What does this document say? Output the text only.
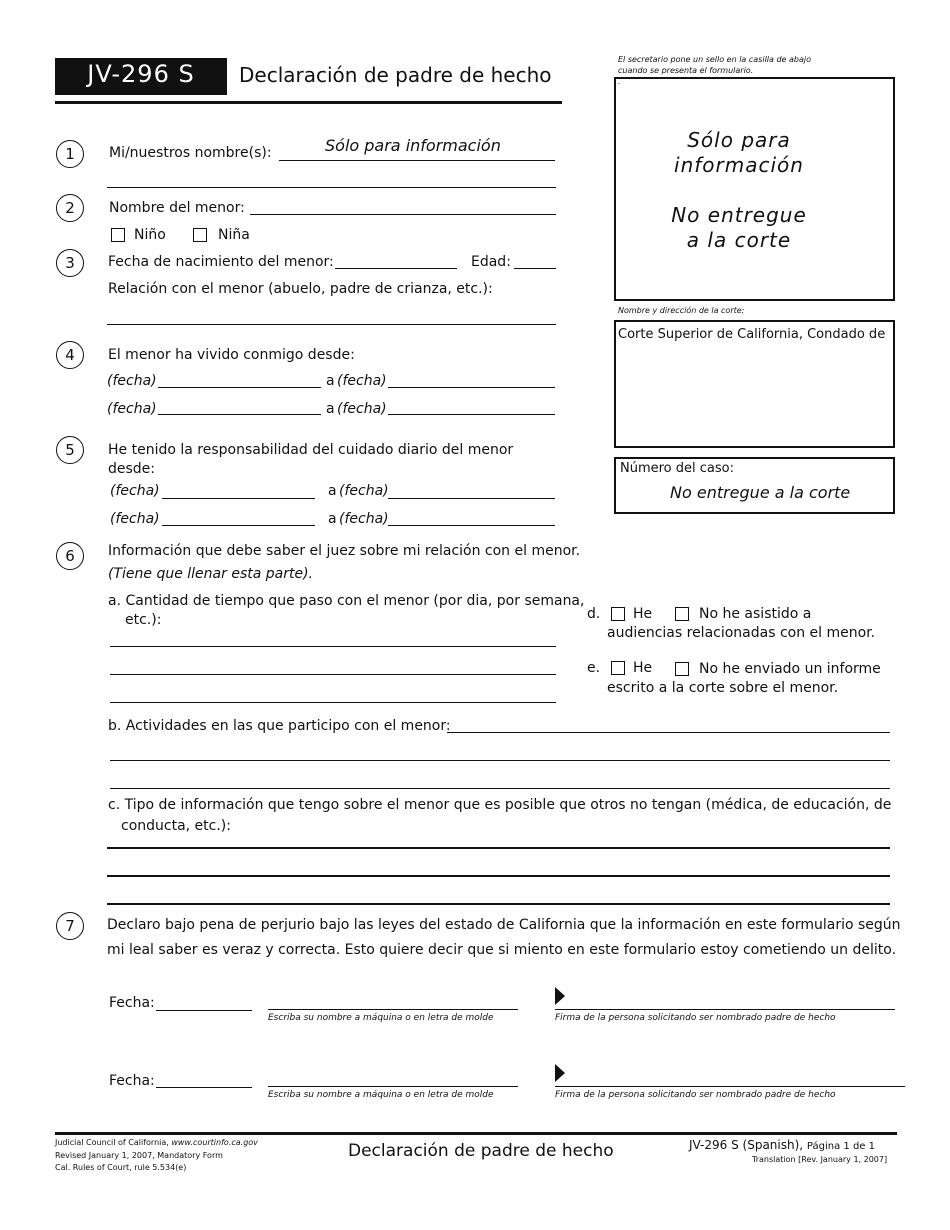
JV-296 S	Declaración de padre de hecho
El secretario pone un sello en la casilla de abajo
cuando se presenta el formulario.
.
Sólo para
información
No entregue
a la corte
Nombre y dirección de la corte:
Corte Superior de California, Condado de
Número del caso:
No entregue a la corte
1	Mi/nuestros nombre(s):	Sólo para información
2	Nombre del menor:
Niño	Niña
3	Fecha de nacimiento del menor:	Edad:
Relación con el menor (abuelo, padre de crianza, etc.):
4	El menor ha vivido conmigo desde:
(fecha)	a (fecha)
(fecha)	a (fecha)
5	He tenido la responsabilidad del cuidado diario del menor
desde:
(fecha)	a (fecha)
(fecha)	a (fecha)
6	Información que debe saber el juez sobre mi relación con el menor.
(Tiene que llenar esta parte).
a. Cantidad de tiempo que paso con el menor (por dia, por semana,
etc.):	d. He	No he asistido a
audiencias relacionadas con el menor.
e. He	No he enviado un informe
escrito a la corte sobre el menor.
b. Actividades en las que participo con el menor:
c. Tipo de información que tengo sobre el menor que es posible que otros no tengan (médica, de educación, de
conducta, etc.):
7	Declaro bajo pena de perjurio bajo las leyes del estado de California que la información en este formulario según
mi leal saber es veraz y correcta. Esto quiere decir que si miento en este formulario estoy cometiendo un delito.
Fecha:
Escriba su nombre a máquina o en letra de molde	Firma de la persona solicitando ser nombrado padre de hecho
Fecha:
Escriba su nombre a máquina o en letra de molde	Firma de la persona solicitando ser nombrado padre de hecho
Judicial Council of California, www.courtinfo.ca.gov
Revised January 1, 2007, Mandatory Form
Cal. Rules of Court, rule 5.534(e)
Declaración de padre de hecho	JV-296 S (Spanish), Página 1 de 1
Translation [Rev. January 1, 2007]
